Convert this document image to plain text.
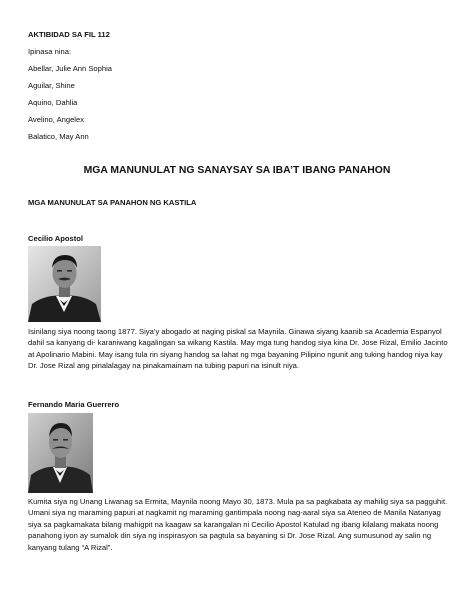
AKTIBIDAD SA FIL 112
Ipinasa nina:
Abellar, Julie Ann Sophia
Aguilar, Shine
Aquino, Dahlia
Avelino, Angelex
Balatico, May Ann
MGA MANUNULAT NG SANAYSAY SA IBA’T IBANG PANAHON
MGA MANUNULAT SA PANAHON NG KASTILA
Cecilio Apostol
Isinilang siya noong taong 1877. Siya’y abogado at naging piskal sa Maynila. Ginawa siyang kaanib sa Academia Espanyol dahil sa kanyang di- karaniwang kagalingan sa wikang Kastila. May mga tung handog siya kina Dr. Jose Rizal, Emilio Jacinto at Apolinario Mabini. May isang tula rin siyang handog sa lahat ng mga bayaning Pilipino ngunit ang tuking handog niya kay Dr. Jose Rizal ang pinalalagay na pinakamainam na tubing papuri na isinult niya.
Fernando Maria Guerrero
Kumita siya ng Unang Liwanag sa Ermita, Maynila noong Mayo 30, 1873. Mula pa sa pagkabata ay mahilig siya sa pagguhit. Umani siya ng maraming papuri at nagkamit ng maraming gantimpala noong nag-aaral siya sa Ateneo de Manila Natanyag siya sa pagkamakata bilang mahigpit na kaagaw sa karangalan ni Cecilio Apostol Katulad ng ibang kilalang makata noong panahong iyon ay sumalok din siya ng inspirasyon sa pagtula sa bayaning si Dr. Jose Rizal. Ang sumusunod ay salin ng kanyang tulang “A Rizal”.
